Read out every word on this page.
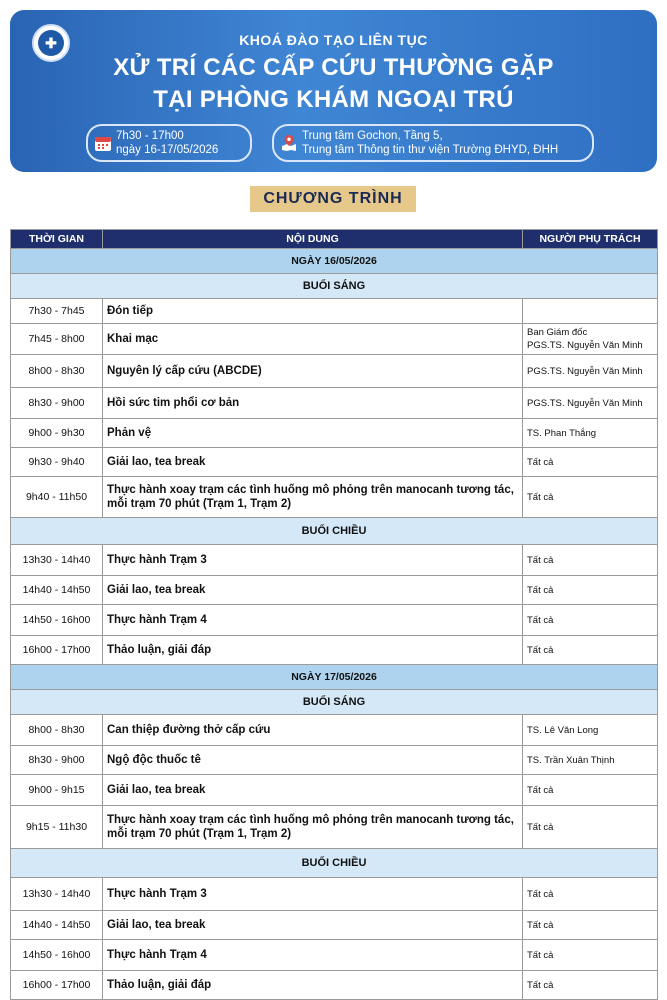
✚	KHOÁ ĐÀO TẠO LIÊN TỤC
XỬ TRÍ CÁC CẤP CỨU THƯỜNG GẶP
TẠI PHÒNG KHÁM NGOẠI TRÚ
7h30 - 17h00
ngày 16-17/05/2026
Trung tâm Gochon, Tầng 5,
Trung tâm Thông tin thư viện Trường ĐHYD, ĐHH
CHƯƠNG TRÌNH
THỜI GIAN	NỘI DUNG	NGƯỜI PHỤ TRÁCH
NGÀY 16/05/2026		
BUỔI SÁNG		
7h30 - 7h45	Đón tiếp	
7h45 - 8h00	Khai mạc	Ban Giám đốc
PGS.TS. Nguyễn Văn Minh
8h00 - 8h30	Nguyên lý cấp cứu (ABCDE)	PGS.TS. Nguyễn Văn Minh
8h30 - 9h00	Hồi sức tim phổi cơ bản	PGS.TS. Nguyễn Văn Minh
9h00 - 9h30	Phản vệ	TS. Phan Thắng
9h30 - 9h40	Giải lao, tea break	Tất cả
9h40 - 11h50	Thực hành xoay trạm các tình huống mô phỏng trên manocanh tương tác, mỗi trạm 70 phút (Trạm 1, Trạm 2)	Tất cả
BUỔI CHIỀU		
13h30 - 14h40	Thực hành Trạm 3	Tất cả
14h40 - 14h50	Giải lao, tea break	Tất cả
14h50 - 16h00	Thực hành Trạm 4	Tất cả
16h00 - 17h00	Thảo luận, giải đáp	Tất cả
NGÀY 17/05/2026		
BUỔI SÁNG		
8h00 - 8h30	Can thiệp đường thở cấp cứu	TS. Lê Văn Long
8h30 - 9h00	Ngộ độc thuốc tê	TS. Trần Xuân Thịnh
9h00 - 9h15	Giải lao, tea break	Tất cả
9h15 - 11h30	Thực hành xoay trạm các tình huống mô phỏng trên manocanh tương tác, mỗi trạm 70 phút (Trạm 1, Trạm 2)	Tất cả
BUỔI CHIỀU		
13h30 - 14h40	Thực hành Trạm 3	Tất cả
14h40 - 14h50	Giải lao, tea break	Tất cả
14h50 - 16h00	Thực hành Trạm 4	Tất cả
16h00 - 17h00	Thảo luận, giải đáp	Tất cả
